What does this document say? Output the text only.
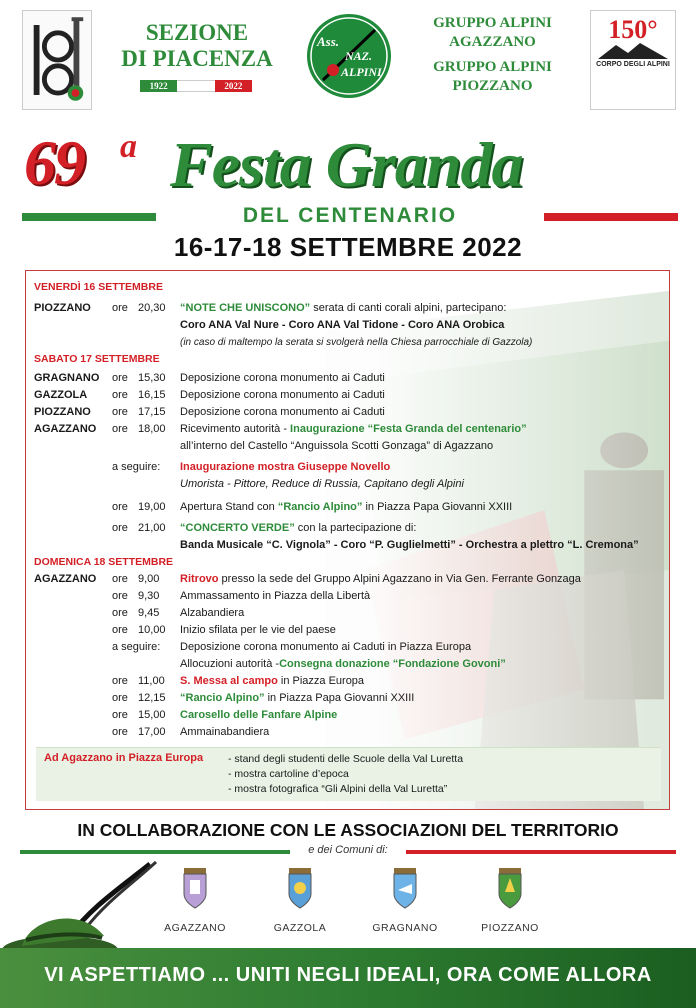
SEZIONE
DI PIACENZA
1922	2022
Ass.
NAZ.
ALPINI
GRUPPO ALPINI
AGAZZANO
GRUPPO ALPINI
PIOZZANO
150°
CORPO DEGLI ALPINI
69 a Festa Granda
DEL CENTENARIO
16-17-18 SETTEMBRE 2022
VENERDÌ 16 SETTEMBRE
PIOZZANO	ore 20,30	“NOTE CHE UNISCONO” serata di canti corali alpini, partecipano:
Coro ANA Val Nure - Coro ANA Val Tidone - Coro ANA Orobica
(in caso di maltempo la serata si svolgerà nella Chiesa parrocchiale di Gazzola)
SABATO 17 SETTEMBRE
GRAGNANO	ore 15,30	Deposizione corona monumento ai Caduti
GAZZOLA	ore 16,15	Deposizione corona monumento ai Caduti
PIOZZANO	ore 17,15	Deposizione corona monumento ai Caduti
AGAZZANO	ore 18,00	Ricevimento autorità - Inaugurazione “Festa Granda del centenario”
all’interno del Castello “Anguissola Scotti Gonzaga” di Agazzano
a seguire:	Inaugurazione mostra Giuseppe Novello
Umorista - Pittore, Reduce di Russia, Capitano degli Alpini
ore 19,00	Apertura Stand con “Rancio Alpino” in Piazza Papa Giovanni XXIII
ore 21,00	“CONCERTO VERDE” con la partecipazione di:
Banda Musicale “C. Vignola” - Coro “P. Guglielmetti” - Orchestra a plettro “L. Cremona”
DOMENICA 18 SETTEMBRE
AGAZZANO	ore 9,00	Ritrovo presso la sede del Gruppo Alpini Agazzano in Via Gen. Ferrante Gonzaga
ore 9,30	Ammassamento in Piazza della Libertà
ore 9,45	Alzabandiera
ore 10,00	Inizio sfilata per le vie del paese
a seguire:	Deposizione corona monumento ai Caduti in Piazza Europa
Allocuzioni autorità - Consegna donazione “Fondazione Govoni”
ore 11,00	S. Messa al campo in Piazza Europa
ore 12,15	“Rancio Alpino” in Piazza Papa Giovanni XXIII
ore 15,00	Carosello delle Fanfare Alpine
ore 17,00	Ammainabandiera
Ad Agazzano in Piazza Europa - stand degli studenti delle Scuole della Val Luretta
- mostra cartoline d’epoca
- mostra fotografica “Gli Alpini della Val Luretta”
IN COLLABORAZIONE CON LE ASSOCIAZIONI DEL TERRITORIO
e dei Comuni di:
AGAZZANO	GAZZOLA	GRAGNANO	PIOZZANO
VI ASPETTIAMO ... UNITI NEGLI IDEALI, ORA COME ALLORA
